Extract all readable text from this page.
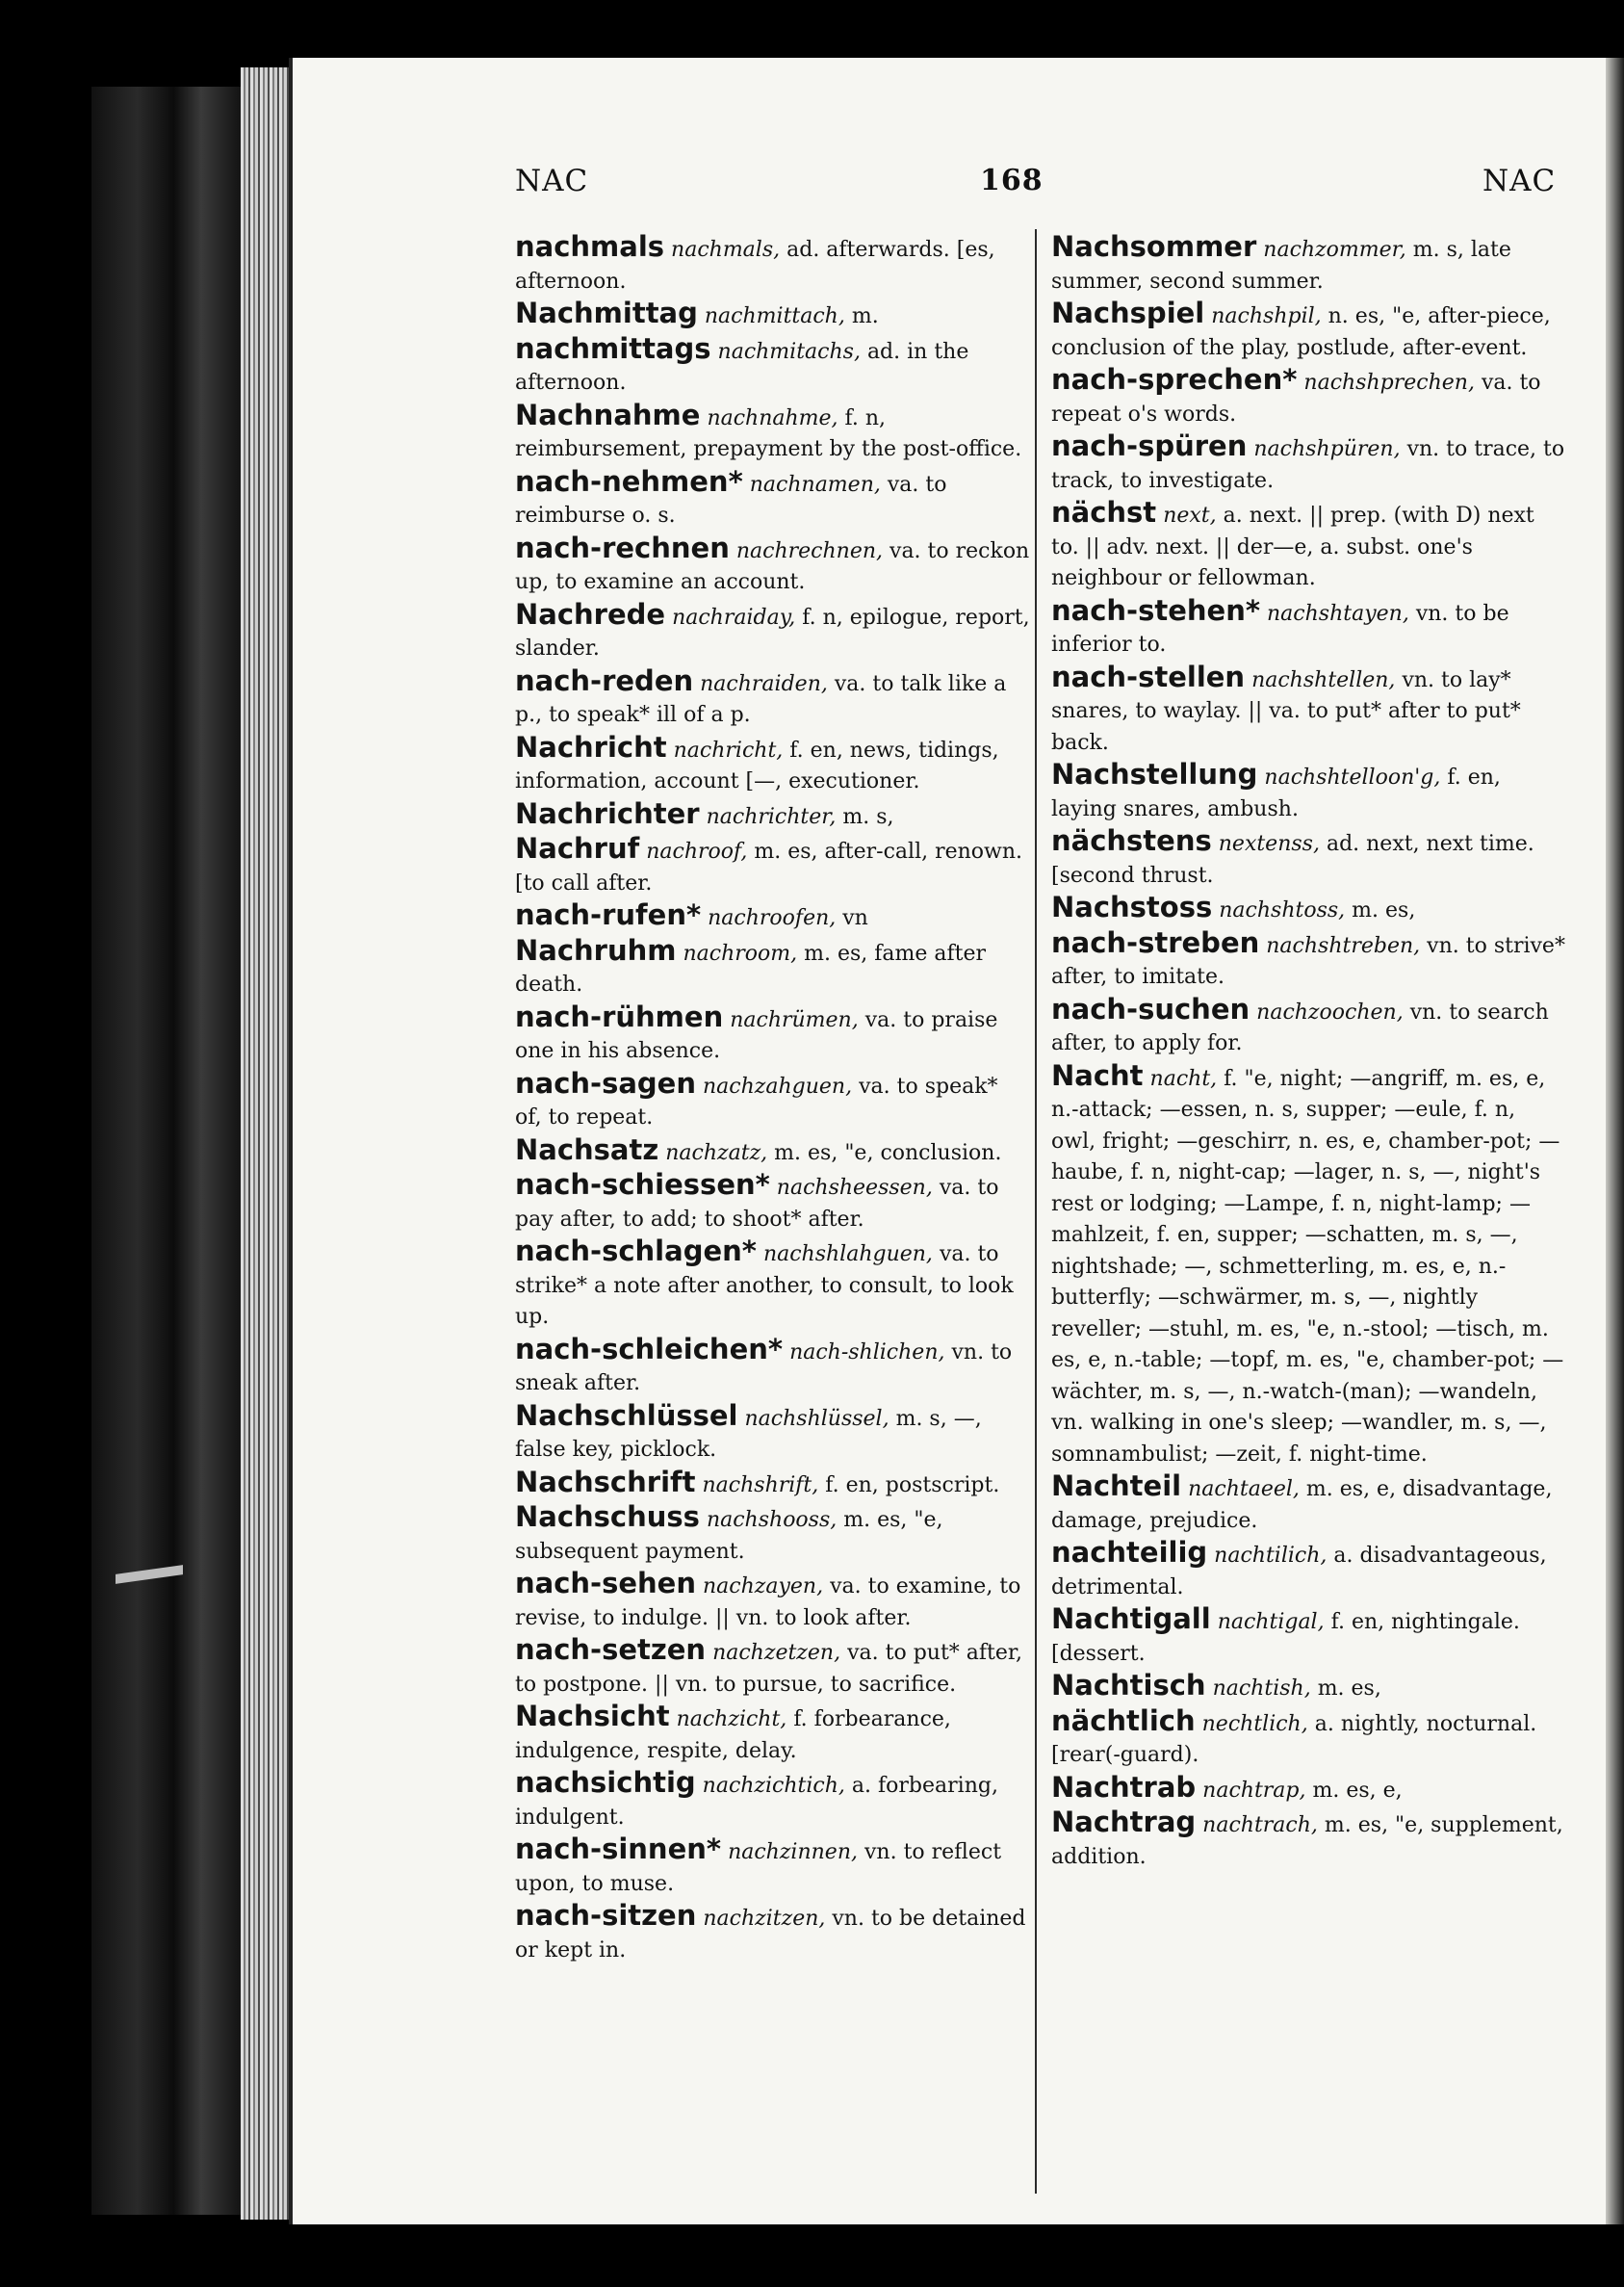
NAC	168	NAC
nachmals nachmals, ad. afterwards. [es, afternoon.
Nachmittag nachmittach, m.
nachmittags nachmitachs, ad. in the afternoon.
Nachnahme nachnahme, f. n, reimbursement, prepayment by the post-office.
nach-nehmen* nachnamen, va. to reimburse o. s.
nach-rechnen nachrechnen, va. to reckon up, to examine an account.
Nachrede nachraiday, f. n, epilogue, report, slander.
nach-reden nachraiden, va. to talk like a p., to speak* ill of a p.
Nachricht nachricht, f. en, news, tidings, information, account [—, executioner.
Nachrichter nachrichter, m. s,
Nachruf nachroof, m. es, after-call, renown. [to call after.
nach-rufen* nachroofen, vn
Nachruhm nachroom, m. es, fame after death.
nach-rühmen nachrümen, va. to praise one in his absence.
nach-sagen nachzahguen, va. to speak* of, to repeat.
Nachsatz nachzatz, m. es, "e, conclusion.
nach-schiessen* nachsheessen, va. to pay after, to add; to shoot* after.
nach-schlagen* nachshlahguen, va. to strike* a note after another, to consult, to look up.
nach-schleichen* nach-shlichen, vn. to sneak after.
Nachschlüssel nachshlüssel, m. s, —, false key, picklock.
Nachschrift nachshrift, f. en, postscript.
Nachschuss nachshooss, m. es, "e, subsequent payment.
nach-sehen nachzayen, va. to examine, to revise, to indulge. || vn. to look after.
nach-setzen nachzetzen, va. to put* after, to postpone. || vn. to pursue, to sacrifice.
Nachsicht nachzicht, f. forbearance, indulgence, respite, delay.
nachsichtig nachzichtich, a. forbearing, indulgent.
nach-sinnen* nachzinnen, vn. to reflect upon, to muse.
nach-sitzen nachzitzen, vn. to be detained or kept in.
Nachsommer nachzommer, m. s, late summer, second summer.
Nachspiel nachshpil, n. es, "e, after-piece, conclusion of the play, postlude, after-event.
nach-sprechen* nachshprechen, va. to repeat o's words.
nach-spüren nachshpüren, vn. to trace, to track, to investigate.
nächst next, a. next. || prep. (with D) next to. || adv. next. || der—e, a. subst. one's neighbour or fellowman.
nach-stehen* nachshtayen, vn. to be inferior to.
nach-stellen nachshtellen, vn. to lay* snares, to waylay. || va. to put* after to put* back.
Nachstellung nachshtelloon'g, f. en, laying snares, ambush.
nächstens nextenss, ad. next, next time. [second thrust.
Nachstoss nachshtoss, m. es,
nach-streben nachshtreben, vn. to strive* after, to imitate.
nach-suchen nachzoochen, vn. to search after, to apply for.
Nacht nacht, f. "e, night; —angriff, m. es, e, n.-attack; —essen, n. s, supper; —eule, f. n, owl, fright; —geschirr, n. es, e, chamber-pot; —haube, f. n, night-cap; —lager, n. s, —, night's rest or lodging; —Lampe, f. n, night-lamp; —mahlzeit, f. en, supper; —schatten, m. s, —, nightshade; —, schmetterling, m. es, e, n.-butterfly; —schwärmer, m. s, —, nightly reveller; —stuhl, m. es, "e, n.-stool; —tisch, m. es, e, n.-table; —topf, m. es, "e, chamber-pot; —wächter, m. s, —, n.-watch-(man); —wandeln, vn. walking in one's sleep; —wandler, m. s, —, somnambulist; —zeit, f. night-time.
Nachteil nachtaeel, m. es, e, disadvantage, damage, prejudice.
nachteilig nachtilich, a. disadvantageous, detrimental.
Nachtigall nachtigal, f. en, nightingale. [dessert.
Nachtisch nachtish, m. es,
nächtlich nechtlich, a. nightly, nocturnal. [rear(-guard).
Nachtrab nachtrap, m. es, e,
Nachtrag nachtrach, m. es, "e, supplement, addition.
